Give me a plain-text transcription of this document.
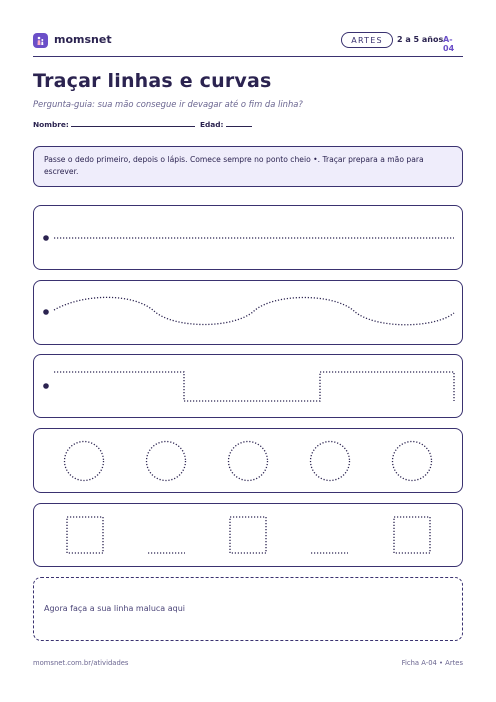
momsnet	ARTES	2 a 5 años A-04
Traçar linhas e curvas
Pergunta-guia: sua mão consegue ir devagar até o fim da linha?
Nombre:	Edad:
Passe o dedo primeiro, depois o lápis. Comece sempre no ponto cheio •. Traçar prepara a mão para escrever.
Agora faça a sua linha maluca aqui
momsnet.com.br/atividades	Ficha A-04 • Artes
